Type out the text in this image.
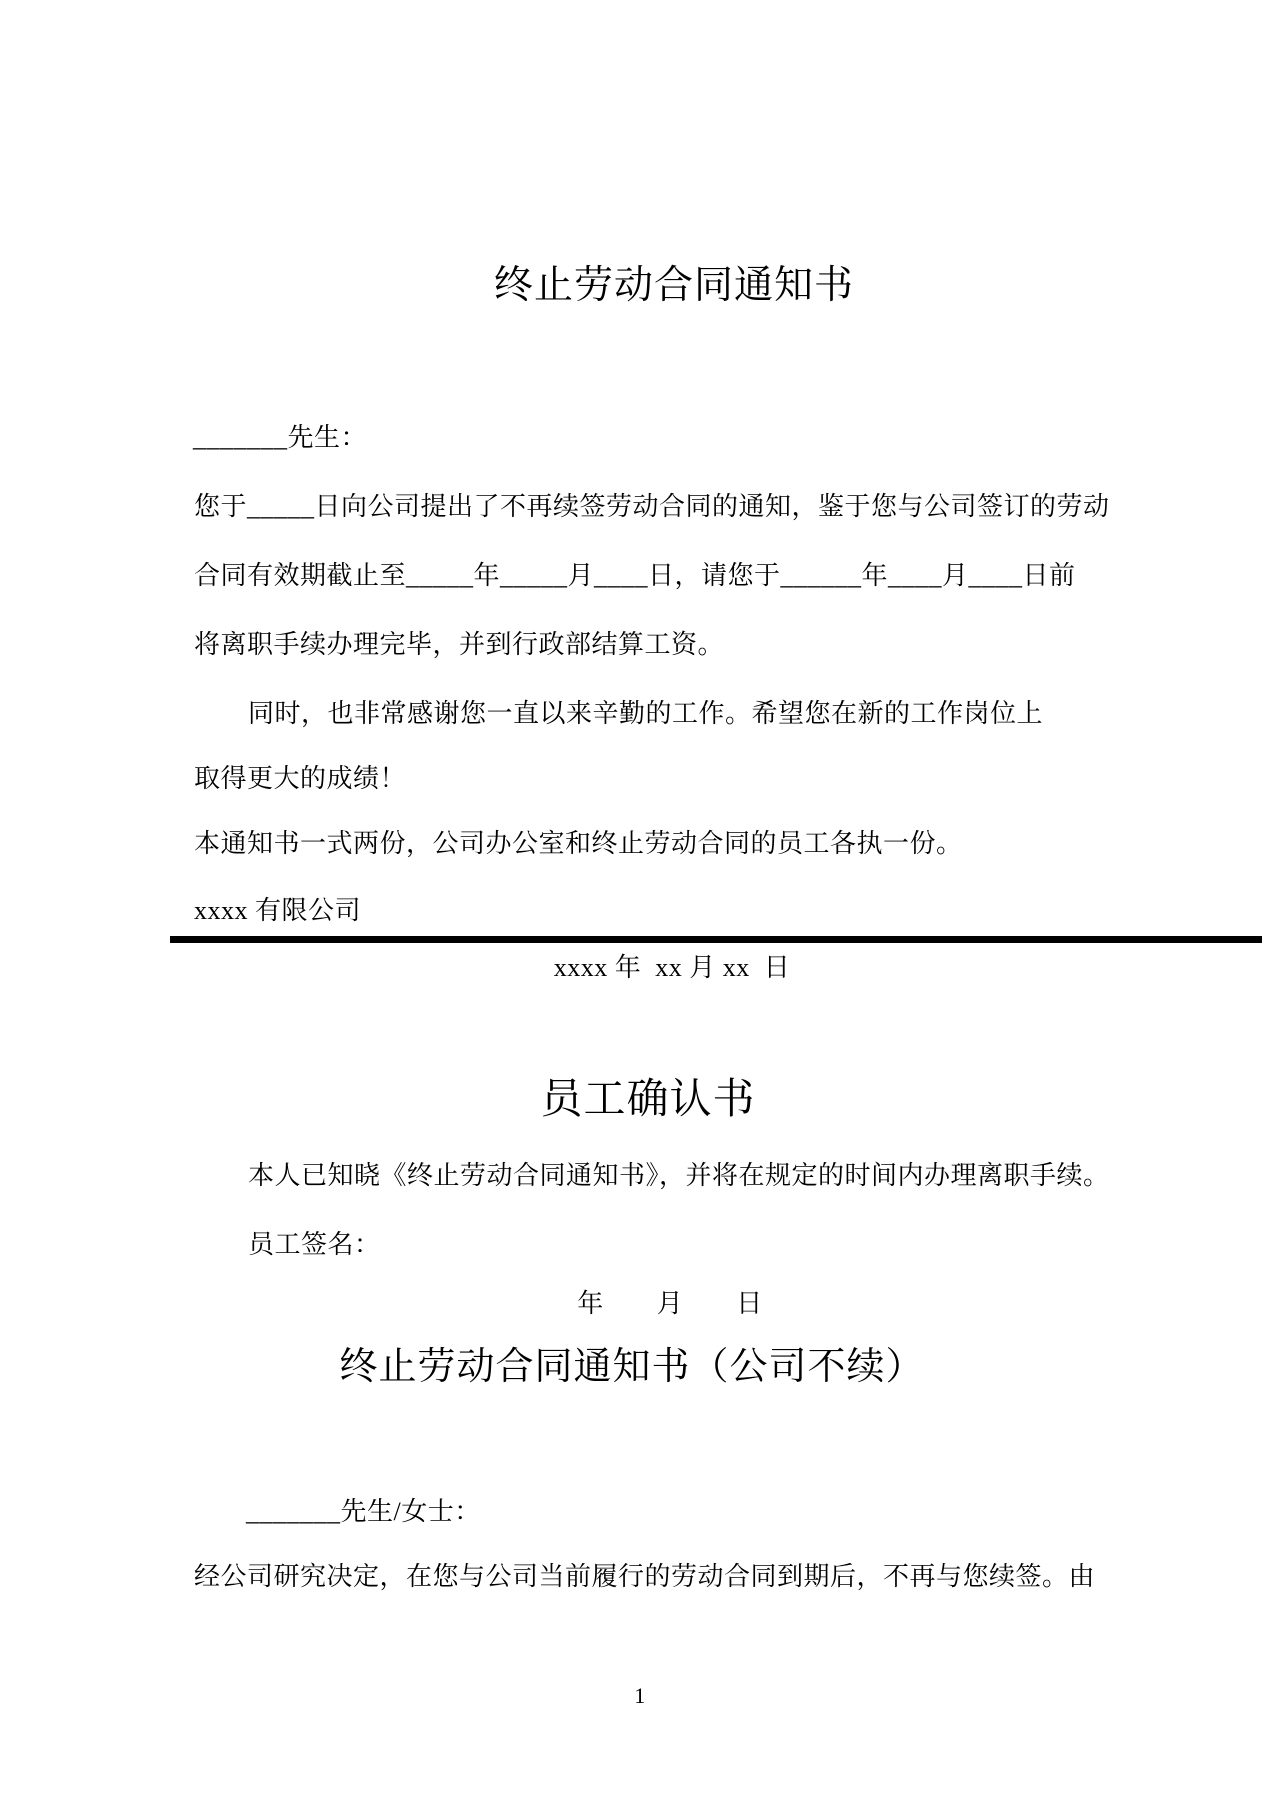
终止劳动合同通知书
_______先生：
您于_____日向公司提出了不再续签劳动合同的通知，鉴于您与公司签订的劳动
合同有效期截止至_____年_____月____日，请您于______年____月____日前
将离职手续办理完毕，并到行政部结算工资。
同时，也非常感谢您一直以来辛勤的工作。希望您在新的工作岗位上
取得更大的成绩！
本通知书一式两份，公司办公室和终止劳动合同的员工各执一份。
xxxx 有限公司
xxxx 年  xx 月 xx  日
员工确认书
本人已知晓《终止劳动合同通知书》，并将在规定的时间内办理离职手续。
员工签名：
年　　月　　日
终止劳动合同通知书（公司不续）
_______先生/女士：
经公司研究决定，在您与公司当前履行的劳动合同到期后，不再与您续签。由
1
